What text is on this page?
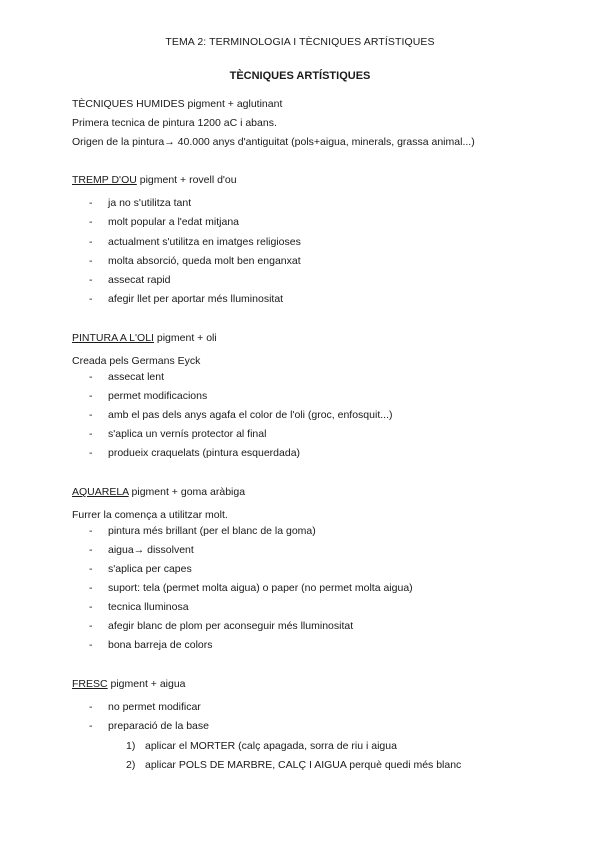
TEMA 2: TERMINOLOGIA I TÈCNIQUES ARTÍSTIQUES
TÈCNIQUES ARTÍSTIQUES
TÈCNIQUES HUMIDES pigment + aglutinant
Primera tecnica de pintura 1200 aC i abans.
Origen de la pintura→ 40.000 anys d'antiguitat (pols+aigua, minerals, grassa animal...)
TREMP D'OU pigment + rovell d'ou
- ja no s'utilitza tant
- molt popular a l'edat mitjana
- actualment s'utilitza en imatges religioses
- molta absorció, queda molt ben enganxat
- assecat rapid
- afegir llet per aportar més lluminositat
PINTURA A L'OLI pigment + oli
Creada pels Germans Eyck
- assecat lent
- permet modificacions
- amb el pas dels anys agafa el color de l'oli (groc, enfosquit...)
- s'aplica un vernís protector al final
- produeix craquelats (pintura esquerdada)
AQUARELA pigment + goma aràbiga
Furrer la comença a utilitzar molt.
- pintura més brillant (per el blanc de la goma)
- aigua→ dissolvent
- s'aplica per capes
- suport: tela (permet molta aigua) o paper (no permet molta aigua)
- tecnica lluminosa
- afegir blanc de plom per aconseguir més lluminositat
- bona barreja de colors
FRESC pigment + aigua
- no permet modificar
- preparació de la base
1) aplicar el MORTER (calç apagada, sorra de riu i aigua
2) aplicar POLS DE MARBRE, CALÇ I AIGUA perquè quedi més blanc
